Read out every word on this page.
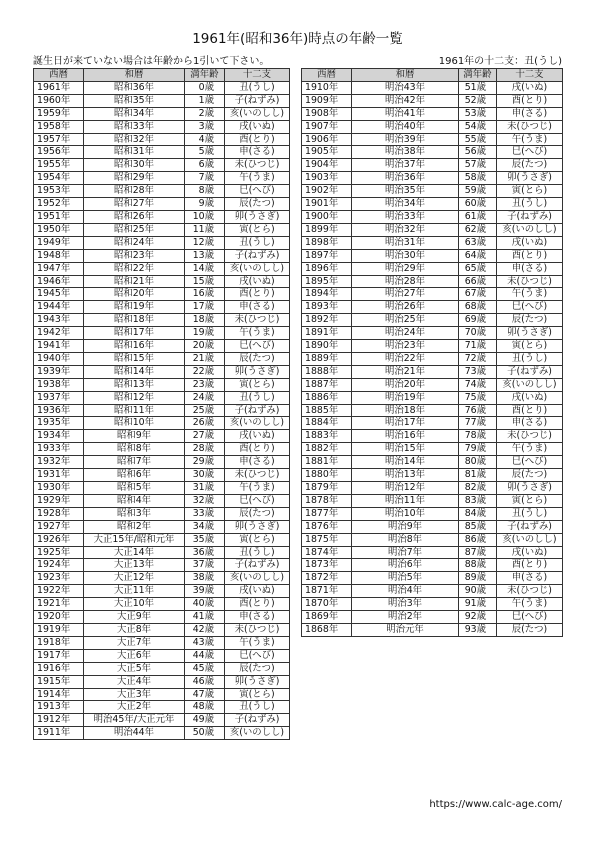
1961年(昭和36年)時点の年齢一覧
誕生日が来ていない場合は年齢から1引いて下さい。	1961年の十二支：丑(うし)
西暦	和暦	満年齢	十二支
1961年	昭和36年	0歳	丑(うし)
1960年	昭和35年	1歳	子(ねずみ)
1959年	昭和34年	2歳	亥(いのしし)
1958年	昭和33年	3歳	戌(いぬ)
1957年	昭和32年	4歳	酉(とり)
1956年	昭和31年	5歳	申(さる)
1955年	昭和30年	6歳	未(ひつじ)
1954年	昭和29年	7歳	午(うま)
1953年	昭和28年	8歳	巳(へび)
1952年	昭和27年	9歳	辰(たつ)
1951年	昭和26年	10歳	卯(うさぎ)
1950年	昭和25年	11歳	寅(とら)
1949年	昭和24年	12歳	丑(うし)
1948年	昭和23年	13歳	子(ねずみ)
1947年	昭和22年	14歳	亥(いのしし)
1946年	昭和21年	15歳	戌(いぬ)
1945年	昭和20年	16歳	酉(とり)
1944年	昭和19年	17歳	申(さる)
1943年	昭和18年	18歳	未(ひつじ)
1942年	昭和17年	19歳	午(うま)
1941年	昭和16年	20歳	巳(へび)
1940年	昭和15年	21歳	辰(たつ)
1939年	昭和14年	22歳	卯(うさぎ)
1938年	昭和13年	23歳	寅(とら)
1937年	昭和12年	24歳	丑(うし)
1936年	昭和11年	25歳	子(ねずみ)
1935年	昭和10年	26歳	亥(いのしし)
1934年	昭和9年	27歳	戌(いぬ)
1933年	昭和8年	28歳	酉(とり)
1932年	昭和7年	29歳	申(さる)
1931年	昭和6年	30歳	未(ひつじ)
1930年	昭和5年	31歳	午(うま)
1929年	昭和4年	32歳	巳(へび)
1928年	昭和3年	33歳	辰(たつ)
1927年	昭和2年	34歳	卯(うさぎ)
1926年	大正15年/昭和元年	35歳	寅(とら)
1925年	大正14年	36歳	丑(うし)
1924年	大正13年	37歳	子(ねずみ)
1923年	大正12年	38歳	亥(いのしし)
1922年	大正11年	39歳	戌(いぬ)
1921年	大正10年	40歳	酉(とり)
1920年	大正9年	41歳	申(さる)
1919年	大正8年	42歳	未(ひつじ)
1918年	大正7年	43歳	午(うま)
1917年	大正6年	44歳	巳(へび)
1916年	大正5年	45歳	辰(たつ)
1915年	大正4年	46歳	卯(うさぎ)
1914年	大正3年	47歳	寅(とら)
1913年	大正2年	48歳	丑(うし)
1912年	明治45年/大正元年	49歳	子(ねずみ)
1911年	明治44年	50歳	亥(いのしし)
西暦	和暦	満年齢	十二支
1910年	明治43年	51歳	戌(いぬ)
1909年	明治42年	52歳	酉(とり)
1908年	明治41年	53歳	申(さる)
1907年	明治40年	54歳	未(ひつじ)
1906年	明治39年	55歳	午(うま)
1905年	明治38年	56歳	巳(へび)
1904年	明治37年	57歳	辰(たつ)
1903年	明治36年	58歳	卯(うさぎ)
1902年	明治35年	59歳	寅(とら)
1901年	明治34年	60歳	丑(うし)
1900年	明治33年	61歳	子(ねずみ)
1899年	明治32年	62歳	亥(いのしし)
1898年	明治31年	63歳	戌(いぬ)
1897年	明治30年	64歳	酉(とり)
1896年	明治29年	65歳	申(さる)
1895年	明治28年	66歳	未(ひつじ)
1894年	明治27年	67歳	午(うま)
1893年	明治26年	68歳	巳(へび)
1892年	明治25年	69歳	辰(たつ)
1891年	明治24年	70歳	卯(うさぎ)
1890年	明治23年	71歳	寅(とら)
1889年	明治22年	72歳	丑(うし)
1888年	明治21年	73歳	子(ねずみ)
1887年	明治20年	74歳	亥(いのしし)
1886年	明治19年	75歳	戌(いぬ)
1885年	明治18年	76歳	酉(とり)
1884年	明治17年	77歳	申(さる)
1883年	明治16年	78歳	未(ひつじ)
1882年	明治15年	79歳	午(うま)
1881年	明治14年	80歳	巳(へび)
1880年	明治13年	81歳	辰(たつ)
1879年	明治12年	82歳	卯(うさぎ)
1878年	明治11年	83歳	寅(とら)
1877年	明治10年	84歳	丑(うし)
1876年	明治9年	85歳	子(ねずみ)
1875年	明治8年	86歳	亥(いのしし)
1874年	明治7年	87歳	戌(いぬ)
1873年	明治6年	88歳	酉(とり)
1872年	明治5年	89歳	申(さる)
1871年	明治4年	90歳	未(ひつじ)
1870年	明治3年	91歳	午(うま)
1869年	明治2年	92歳	巳(へび)
1868年	明治元年	93歳	辰(たつ)
https://www.calc-age.com/
